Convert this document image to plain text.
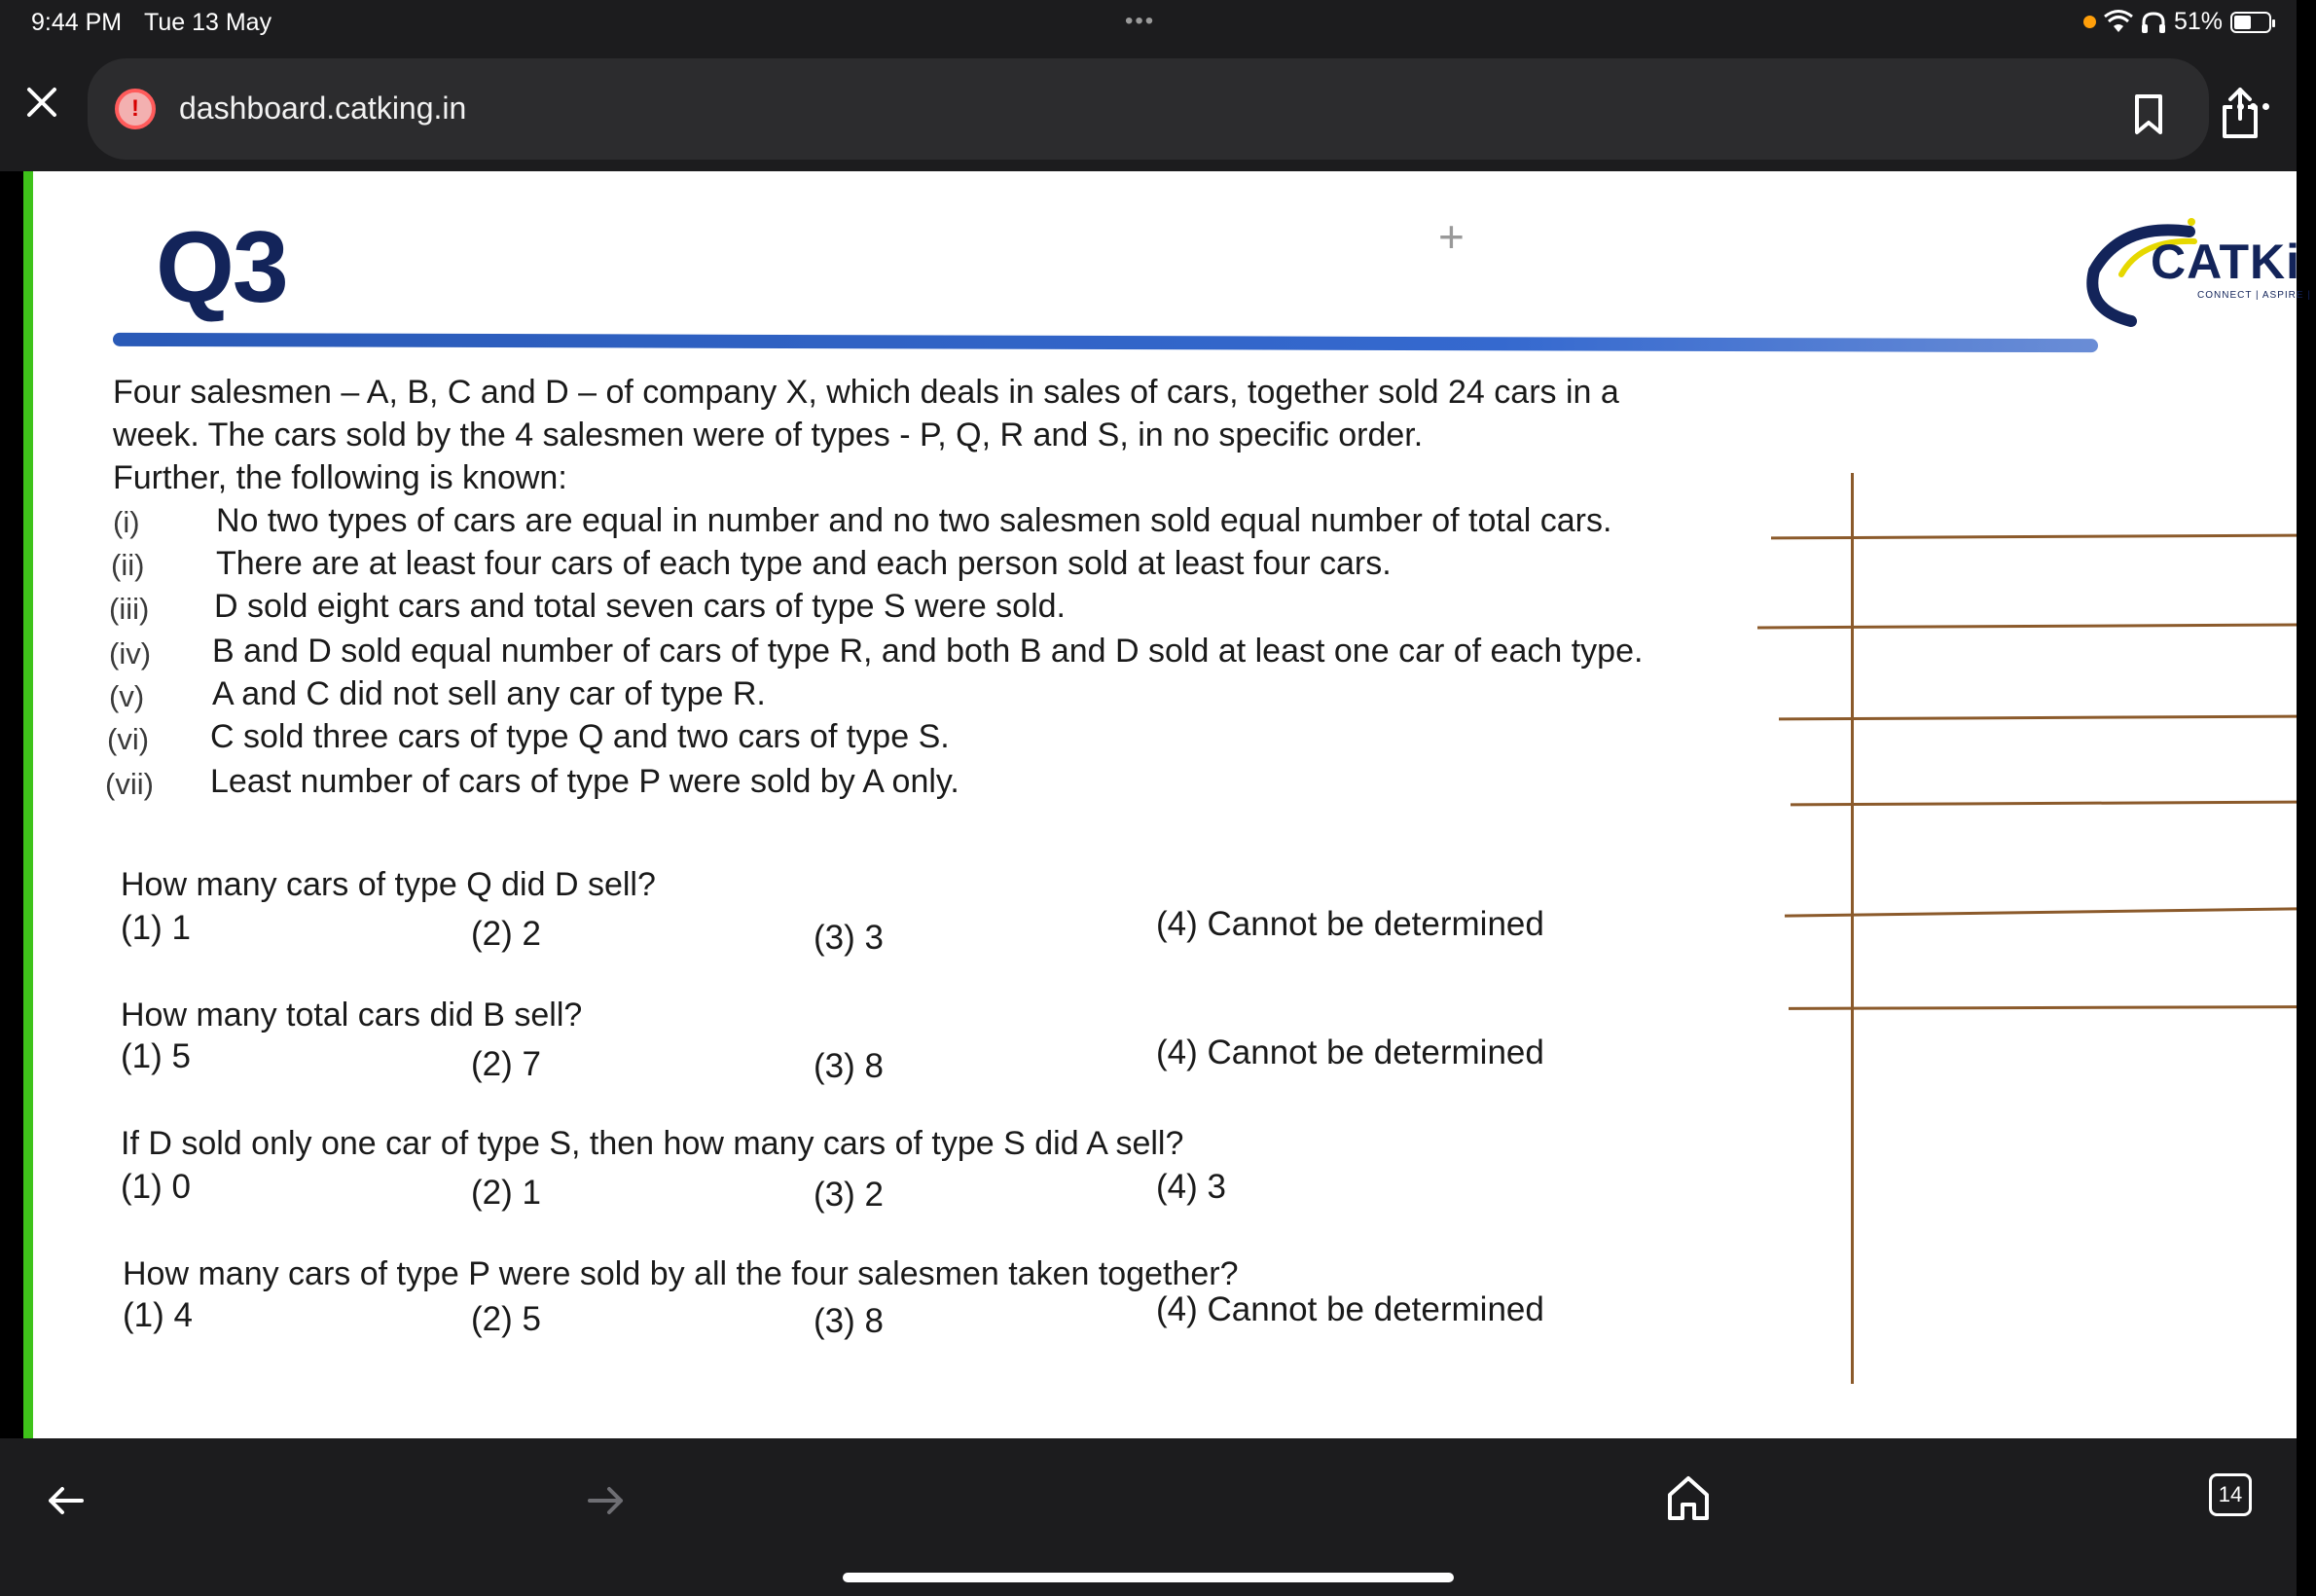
9:44 PM Tue 13 May	•••	51%
!	dashboard.catking.in
Q3	+	CATKi
CONNECT | ASPIRE |
Four salesmen – A, B, C and D – of company X, which deals in sales of cars, together sold 24 cars in a
week. The cars sold by the 4 salesmen were of types - P, Q, R and S, in no specific order.
Further, the following is known:
(i) No two types of cars are equal in number and no two salesmen sold equal number of total cars.
(ii) There are at least four cars of each type and each person sold at least four cars.
(iii) D sold eight cars and total seven cars of type S were sold.
(iv) B and D sold equal number of cars of type R, and both B and D sold at least one car of each type.
(v) A and C did not sell any car of type R.
(vi) C sold three cars of type Q and two cars of type S.
(vii) Least number of cars of type P were sold by A only.
How many cars of type Q did D sell?
(1) 1	(2) 2	(3) 3	(4) Cannot be determined
How many total cars did B sell?
(1) 5	(2) 7	(3) 8	(4) Cannot be determined
If D sold only one car of type S, then how many cars of type S did A sell?
(1) 0	(2) 1	(3) 2	(4) 3
How many cars of type P were sold by all the four salesmen taken together?
(1) 4	(2) 5	(3) 8	(4) Cannot be determined
14
